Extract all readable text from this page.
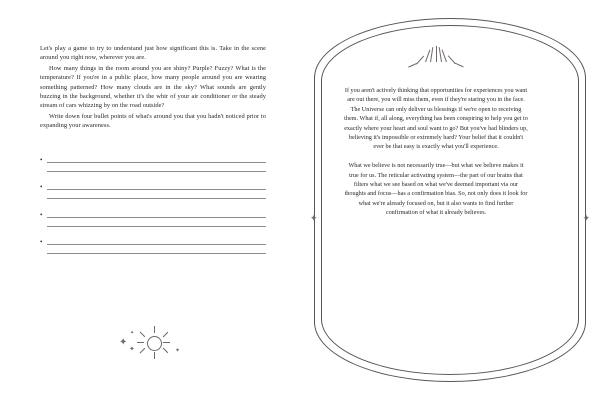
Let's play a game to try to understand just how significant this is. Take in the scene around you right now, wherever you are.

How many things in the room around you are shiny? Purple? Fuzzy? What is the temperature? If you're in a public place, how many people around you are wearing something patterned? How many clouds are in the sky? What sounds are gently buzzing in the background, whether it's the whir of your air conditioner or the steady stream of cars whizzing by on the road outside?

Write down four bullet points of what's around you that you hadn't noticed prior to expanding your awareness.

•
•
•
•
✦
✦
✦
✦
✦	✦

If you aren't actively thinking that opportunities for experiences you want are out there, you will miss them, even if they're staring you in the face. The Universe can only deliver us blessings if we're open to receiving them. What if, all along, everything has been conspiring to help you get to exactly where your heart and soul want to go? But you've had blinders up, believing it's impossible or extremely hard? Your belief that it couldn't ever be that easy is exactly what you'll experience.

What we believe is not necessarily true—but what we believe makes it true for us. The reticular activating system—the part of our brains that filters what we see based on what we've deemed important via our thoughts and focus—has a confirmation bias. So, not only does it look for what we're already focused on, but it also wants to find further confirmation of what it already believes.
